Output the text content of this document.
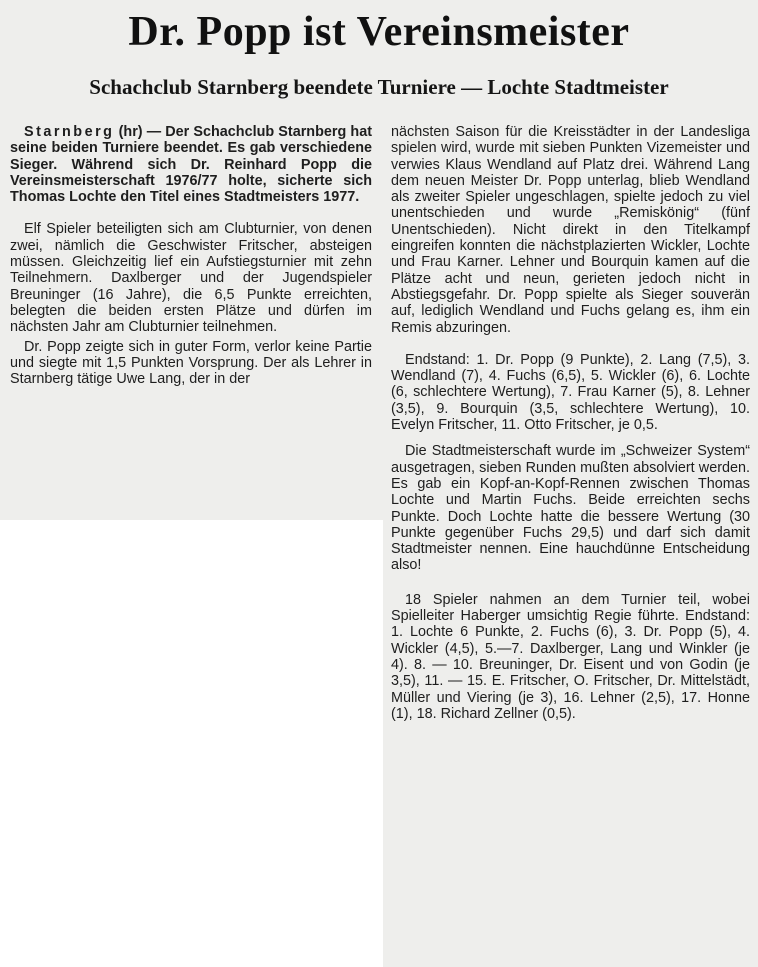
Dr. Popp ist Vereinsmeister
Schachclub Starnberg beendete Turniere — Lochte Stadtmeister

Starnberg (hr) — Der Schachclub Starnberg hat seine beiden Turniere beendet. Es gab verschiedene Sieger. Während sich Dr. Reinhard Popp die Vereinsmeisterschaft 1976/77 holte, sicherte sich Thomas Lochte den Titel eines Stadtmeisters 1977.

Elf Spieler beteiligten sich am Clubturnier, von denen zwei, nämlich die Geschwister Fritscher, absteigen müssen. Gleichzeitig lief ein Aufstiegsturnier mit zehn Teilnehmern. Daxlberger und der Jugendspieler Breuninger (16 Jahre), die 6,5 Punkte erreichten, belegten die beiden ersten Plätze und dürfen im nächsten Jahr am Clubturnier teilnehmen.

Dr. Popp zeigte sich in guter Form, verlor keine Partie und siegte mit 1,5 Punkten Vorsprung. Der als Lehrer in Starnberg tätige Uwe Lang, der in der

nächsten Saison für die Kreisstädter in der Landesliga spielen wird, wurde mit sieben Punkten Vizemeister und verwies Klaus Wendland auf Platz drei. Während Lang dem neuen Meister Dr. Popp unterlag, blieb Wendland als zweiter Spieler ungeschlagen, spielte jedoch zu viel unentschieden und wurde „Remiskönig“ (fünf Unentschieden). Nicht direkt in den Titelkampf eingreifen konnten die nächstplazierten Wickler, Lochte und Frau Karner. Lehner und Bourquin kamen auf die Plätze acht und neun, gerieten jedoch nicht in Abstiegsgefahr. Dr. Popp spielte als Sieger souverän auf, lediglich Wendland und Fuchs gelang es, ihm ein Remis abzuringen.

Endstand: 1. Dr. Popp (9 Punkte), 2. Lang (7,5), 3. Wendland (7), 4. Fuchs (6,5), 5. Wickler (6), 6. Lochte (6, schlechtere Wertung), 7. Frau Karner (5), 8. Lehner (3,5), 9. Bourquin (3,5, schlechtere Wertung), 10. Evelyn Fritscher, 11. Otto Fritscher, je 0,5.

Die Stadtmeisterschaft wurde im „Schweizer System“ ausgetragen, sieben Runden mußten absolviert werden. Es gab ein Kopf-an-Kopf-Rennen zwischen Thomas Lochte und Martin Fuchs. Beide erreichten sechs Punkte. Doch Lochte hatte die bessere Wertung (30 Punkte gegenüber Fuchs 29,5) und darf sich damit Stadtmeister nennen. Eine hauchdünne Entscheidung also!

18 Spieler nahmen an dem Turnier teil, wobei Spielleiter Haberger umsichtig Regie führte. Endstand: 1. Lochte 6 Punkte, 2. Fuchs (6), 3. Dr. Popp (5), 4. Wickler (4,5), 5.—7. Daxlberger, Lang und Winkler (je 4). 8. — 10. Breuninger, Dr. Eisent und von Godin (je 3,5), 11. — 15. E. Fritscher, O. Fritscher, Dr. Mittelstädt, Müller und Viering (je 3), 16. Lehner (2,5), 17. Honne (1), 18. Richard Zellner (0,5).
